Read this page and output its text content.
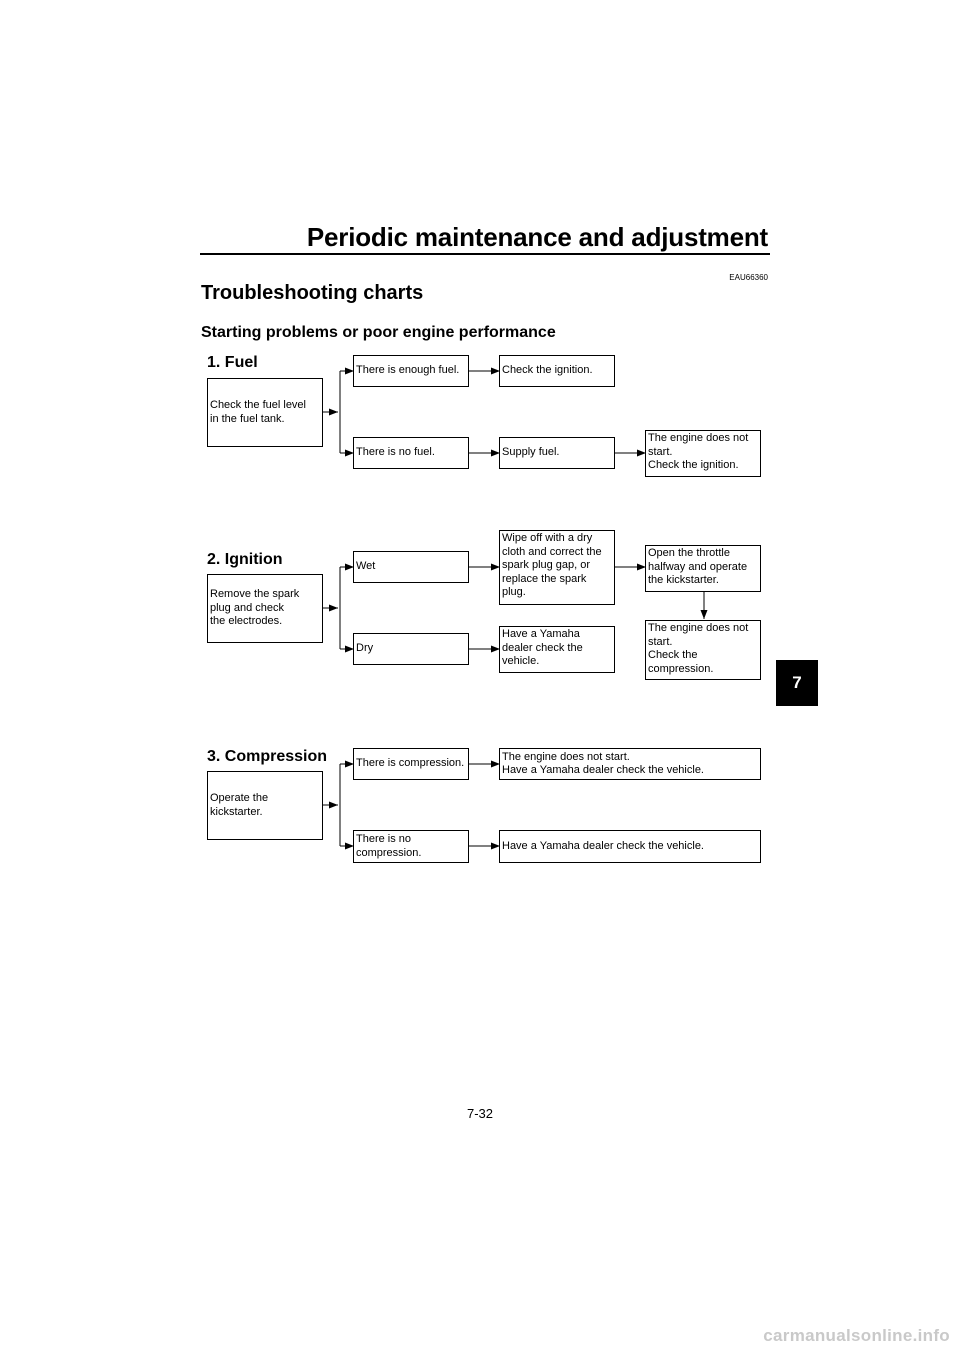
Periodic maintenance and adjustment
EAU66360
Troubleshooting charts
Starting problems or poor engine performance
1. Fuel
Check the fuel level
in the fuel tank.
There is enough fuel.	Check the ignition.
There is no fuel.	Supply fuel.
The engine does not
start.
Check the ignition.
2. Ignition
Remove the spark
plug and check
the electrodes.
Wet
Wipe off with a dry
cloth and correct the
spark plug gap, or
replace the spark
plug.
Open the throttle
halfway and operate
the kickstarter.
The engine does not
start.
Check the
compression.
Dry
Have a Yamaha
dealer check the
vehicle.
3. Compression
Operate the
kickstarter.
There is compression.
The engine does not start.
Have a Yamaha dealer check the vehicle.
There is no
compression.
Have a Yamaha dealer check the vehicle.
7-32
7
carmanualsonline.info
